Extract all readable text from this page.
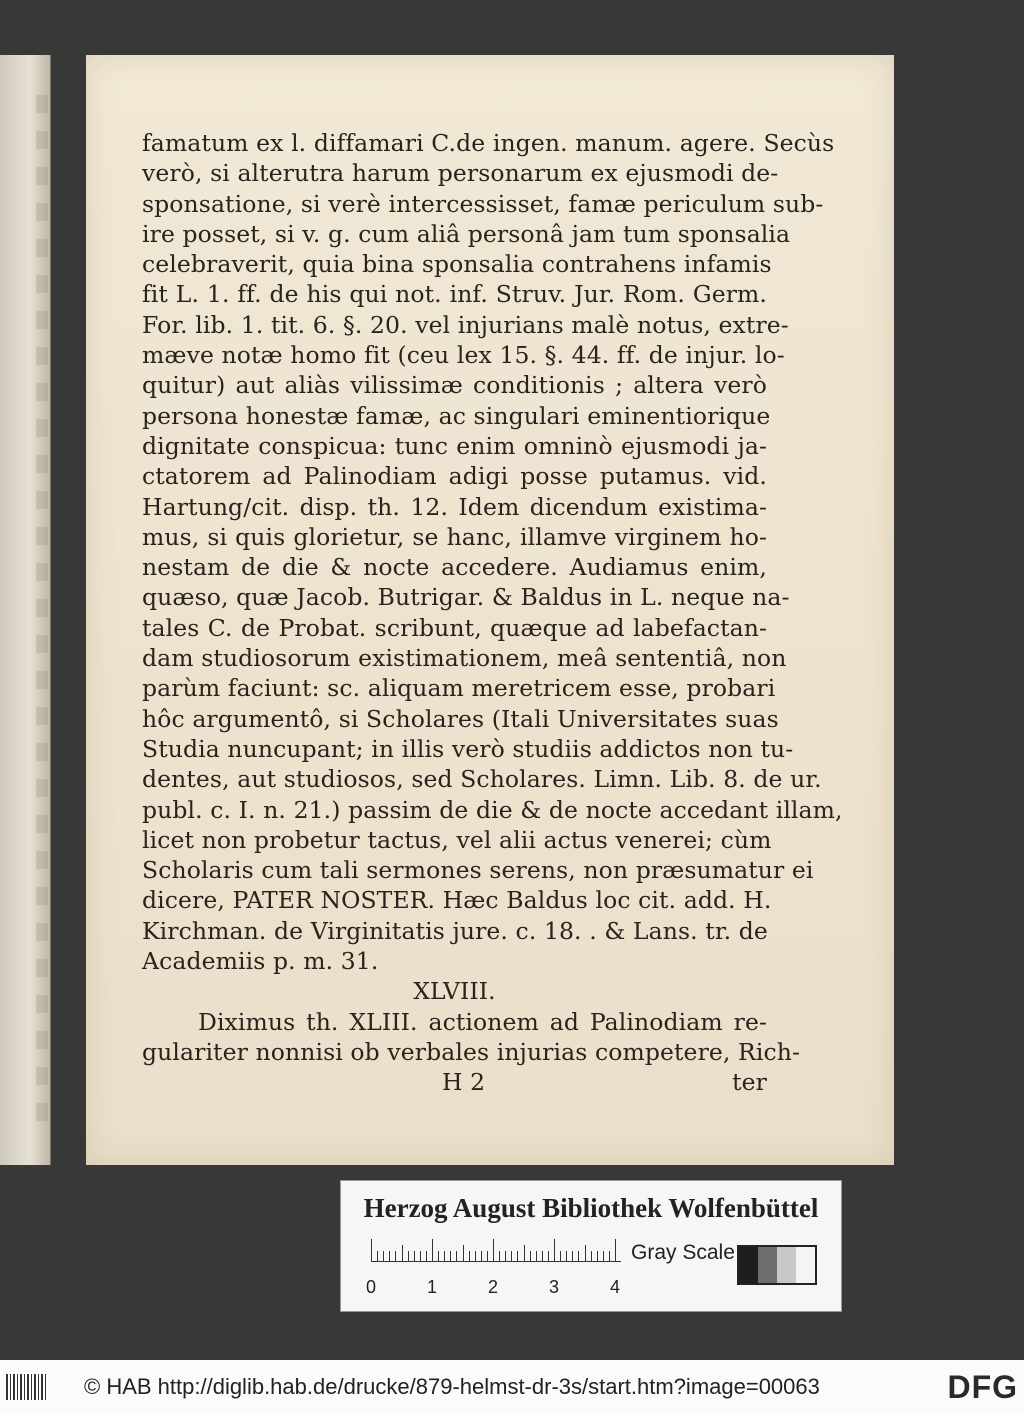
famatum ex l. diffamari C.de ingen. manum. agere. Secùs
verò, si alterutra harum personarum ex ejusmodi de-
sponsatione, si verè intercessisset, famæ periculum sub-
ire posset, si v. g. cum aliâ personâ jam tum sponsalia
celebraverit, quia bina sponsalia contrahens infamis
fit L. 1. ff. de his qui not. inf. Struv. Jur. Rom. Germ.
For. lib. 1. tit. 6. §. 20. vel injurians malè notus, extre-
mæve notæ homo fit (ceu lex 15. §. 44. ff. de injur. lo-
quitur) aut aliàs vilissimæ conditionis ; altera verò
persona honestæ famæ, ac singulari eminentiorique
dignitate conspicua: tunc enim omninò ejusmodi ja-
ctatorem ad Palinodiam adigi posse putamus. vid.
Hartung/cit. disp. th. 12. Idem dicendum existima-
mus, si quis glorietur, se hanc, illamve virginem ho-
nestam de die & nocte accedere. Audiamus enim,
quæso, quæ Jacob. Butrigar. & Baldus in L. neque na-
tales C. de Probat. scribunt, quæque ad labefactan-
dam studiosorum existimationem, meâ sententiâ, non
parùm faciunt: sc. aliquam meretricem esse, probari
hôc argumentô, si Scholares (Itali Universitates suas
Studia nuncupant; in illis verò studiis addictos non tu-
dentes, aut studiosos, sed Scholares. Limn. Lib. 8. de ur.
publ. c. I. n. 21.) passim de die & de nocte accedant illam,
licet non probetur tactus, vel alii actus venerei; cùm
Scholaris cum tali sermones serens, non præsumatur ei
dicere, PATER NOSTER. Hæc Baldus loc cit. add. H.
Kirchman. de Virginitatis jure. c. 18. . & Lans. tr. de
Academiis p. m. 31.
XLVIII.
Diximus th. XLIII. actionem ad Palinodiam re-
gulariter nonnisi ob verbales injurias competere, Rich-
H 2	ter
Herzog August Bibliothek Wolfenbüttel
0	1	2	3	4
Gray Scale
© HAB http://diglib.hab.de/drucke/879-helmst-dr-3s/start.htm?image=00063	DFG
